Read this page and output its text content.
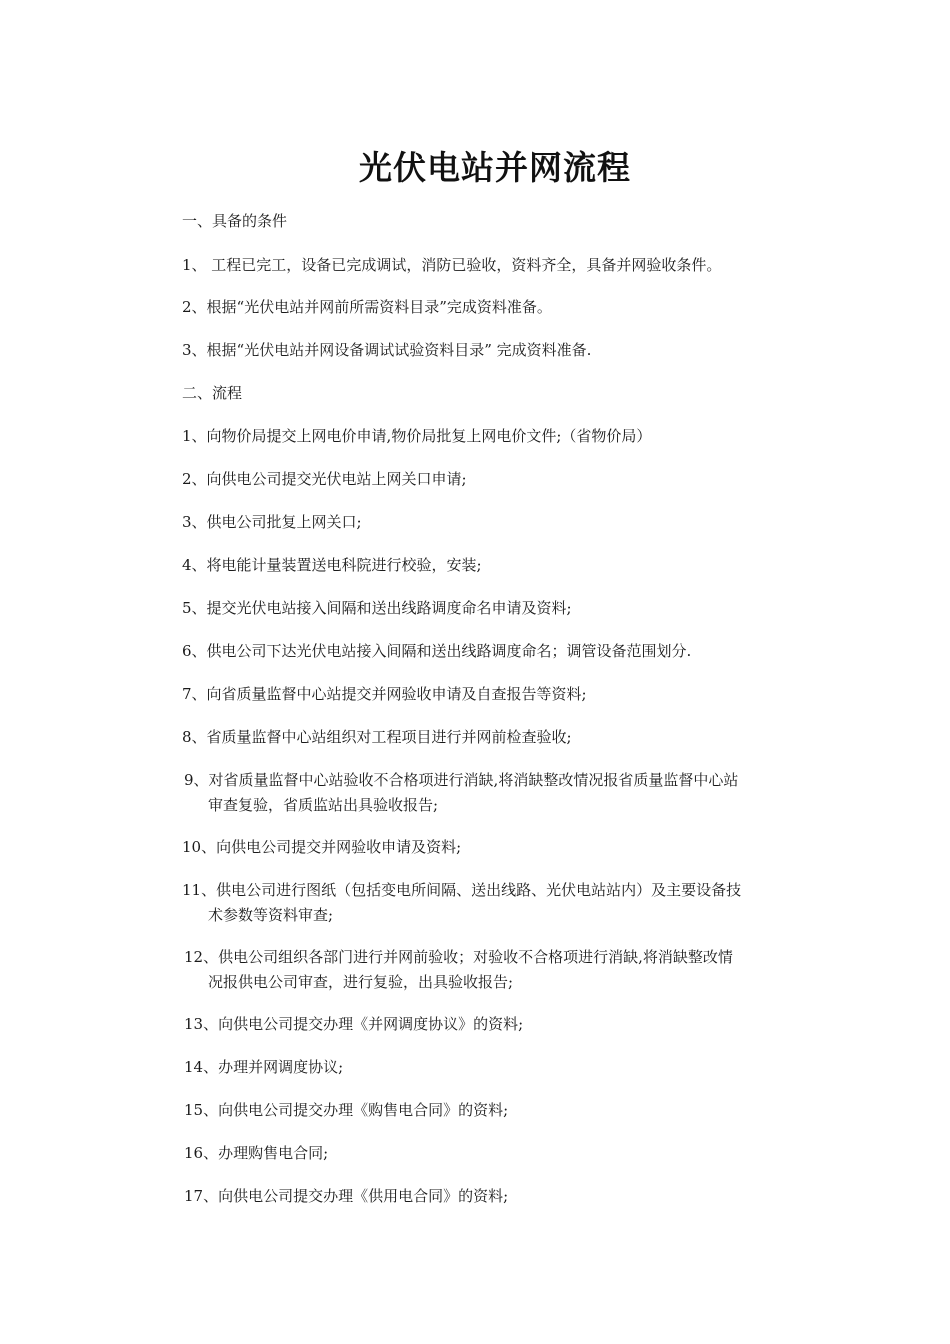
光伏电站并网流程
一、具备的条件
1、 工程已完工，设备已完成调试，消防已验收，资料齐全，具备并网验收条件。
2、根据“光伏电站并网前所需资料目录”完成资料准备。
3、根据“光伏电站并网设备调试试验资料目录” 完成资料准备.
二、流程
1、向物价局提交上网电价申请,物价局批复上网电价文件;（省物价局）
2、向供电公司提交光伏电站上网关口申请;
3、供电公司批复上网关口;
4、将电能计量装置送电科院进行校验，安装;
5、提交光伏电站接入间隔和送出线路调度命名申请及资料;
6、供电公司下达光伏电站接入间隔和送出线路调度命名；调管设备范围划分.
7、向省质量监督中心站提交并网验收申请及自查报告等资料;
8、省质量监督中心站组织对工程项目进行并网前检查验收;
9、对省质量监督中心站验收不合格项进行消缺,将消缺整改情况报省质量监督中心站
审查复验，省质监站出具验收报告;
10、向供电公司提交并网验收申请及资料;
11、供电公司进行图纸（包括变电所间隔、送出线路、光伏电站站内）及主要设备技
术参数等资料审查;
12、供电公司组织各部门进行并网前验收；对验收不合格项进行消缺,将消缺整改情
况报供电公司审查，进行复验，出具验收报告;
13、向供电公司提交办理《并网调度协议》的资料;
14、办理并网调度协议;
15、向供电公司提交办理《购售电合同》的资料;
16、办理购售电合同;
17、向供电公司提交办理《供用电合同》的资料;
